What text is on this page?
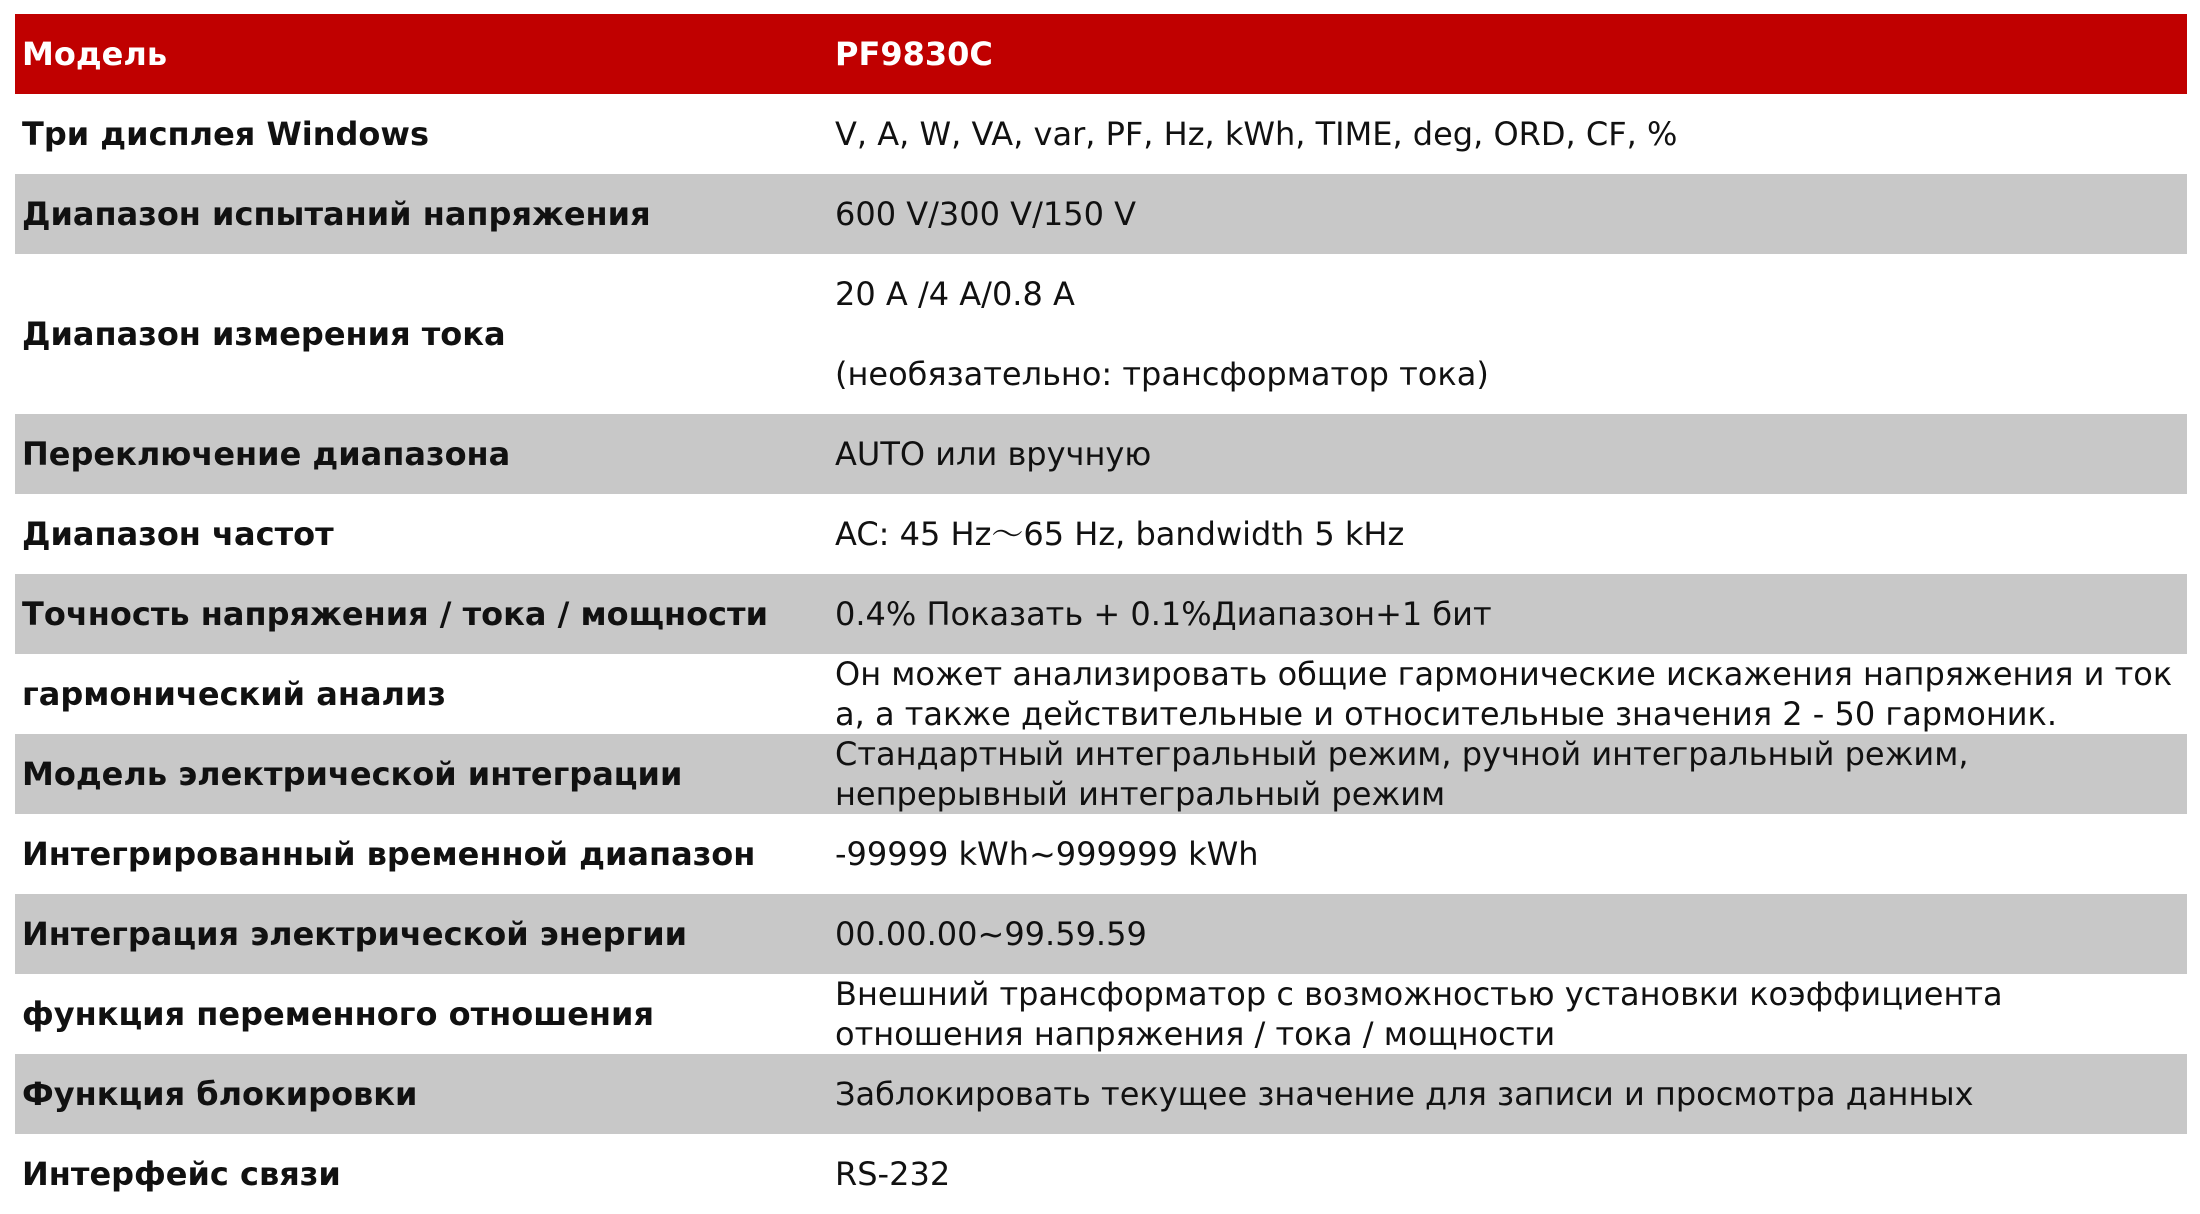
Модель	PF9830C
Три дисплея Windows	V, A, W, VA, var, PF, Hz, kWh, TIME, deg, ORD, CF, %
Диапазон испытаний напряжения	600 V/300 V/150 V
Диапазон измерения тока	20 A /4 A/0.8 A
(необязательно: трансформатор тока)

Переключение диапазона	AUTO или вручную
Диапазон частот	AC: 45 Hz～65 Hz, bandwidth 5 kHz
Точность напряжения / тока / мощности	0.4% Показать + 0.1%Диапазон+1 бит
гармонический анализ	Он может анализировать общие гармонические искажения напряжения и ток а, а также действительные и относительные значения 2 - 50 гармоник.
Модель электрической интеграции	Стандартный интегральный режим, ручной интегральный режим, непрерывный интегральный режим
Интегрированный временной диапазон	-99999 kWh~999999 kWh
Интеграция электрической энергии	00.00.00~99.59.59
функция переменного отношения	Внешний трансформатор с возможностью установки коэффициента отношения напряжения / тока / мощности
Функция блокировки	Заблокировать текущее значение для записи и просмотра данных
Интерфейс связи	RS-232
